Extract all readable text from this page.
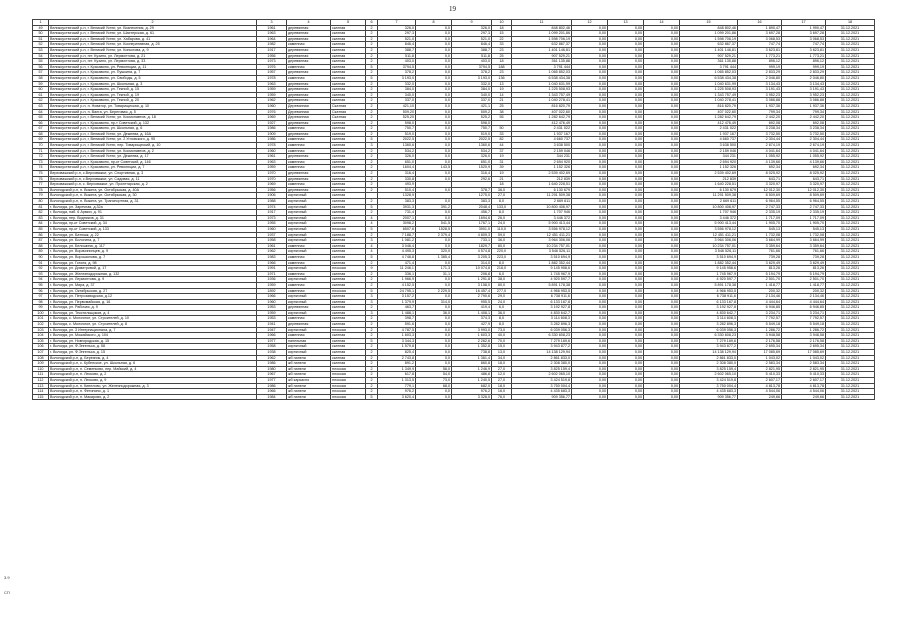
19
3.9
СП
1	2	3	4	5	6	7	8	9	10	11	12	13	14	15	16	17	18
49	Великоустюгский р-н, г. Великий Устюг, ул. Вознесения, д. 29	1961	деревянная	скатная	2	326,0	0,0	326,0	18	848 802,46	0,00	0,00	0,00	848 802,46	1 890,47	1 990,47	31.12.2021
50	Великоустюгский р-н, г. Великий Устюг, ул. Шахтерская, д. 61	1963	деревянная	скатная	2	297,3	0,0	297,3	15	1 099 201,86	0,00	0,00	0,00	1 099 201,86	3 697,28	3 697,28	31.12.2021
51	Великоустюгский р-н, г. Великий Устюг, ул. Хабарова, д. 41	1964	деревянная	скатная	2	521,0	0,0	521,0	22	1 598 706,19	0,00	0,00	0,00	1 598 706,19	3 068,53	3 068,53	31.12.2021
52	Великоустюгский р-н, г. Великий Устюг, ул. Кооперативная, д. 25	1982	каменная	скатная	2	846,4	0,0	846,4	33	632 867,37	0,00	0,00	0,00	632 867,37	747,74	747,74	31.12.2021
53	Великоустюгский р-н, г. Великий Устюг, ул. Копылова, д. 9	1917	деревянная	скатная	2	388,7	0,0	388,7	23	1 401 146,81	0,00	0,00	0,00	1 401 146,81	3 623,81	3 623,81	31.12.2021
54	Великоустюгский р-н, пгт. Кузино, ул. Лермонтова, д. 21	1956	деревянная	скатная	2	511,8	0,0	511,8	25	907 529,21	0,00	0,00	0,00	907 529,21	1 773,21	1 773,21	31.12.2021
55	Великоустюгский р-н, пгт. Кузино, ул. Лермонтова, д. 33	1973	деревянная	скатная	2	403,0	0,0	403,0	18	361 135,88	0,00	0,00	0,00	361 135,88	896,12	896,12	31.12.2021
56	Великоустюгский р-н, г. Красавино, ул. Революции, д. 11	1976	каменная	скатная	5	3794,5	0,0	3794,5	188	3 791 444	0,00	0,00	0,00	3 791 444	999,19	999,19	31.12.2021
57	Великоустюгский р-н, г. Красавино, ул. Пушкина, д. 7	1957	деревянная	скатная	2	378,2	0,0	378,2	23	1 065 852,03	0,00	0,00	0,00	1 065 852,03	2 833,29	2 833,29	31.12.2021
58	Великоустюгский р-н, г. Красавино, ул. Свободы, д. 5	1978	каменная	скатная	5	3 193,0	0,0	3 193,0	136	6 538 434,38	0,00	0,00	0,00	6 538 434,38	2 046,80	2 046,80	31.12.2021
59	Великоустюгский р-н, г. Красавино, ул. Школьная, д. 3	1963	деревянная	скатная	2	332,0	0,0	332,0	13	1 040 631,99	0,00	0,00	0,00	1 040 631,99	3 134,43	3 134,43	31.12.2021
60	Великоустюгский р-н, г. Красавино, ул. Текной, д. 15	1959	деревянная	скатная	2	384,0	0,0	384,0	19	1 225 508,93	0,00	0,00	0,00	1 225 508,93	3 191,43	3 191,43	31.12.2021
61	Великоустюгский р-н, г. Красавино, ул. Текной, д. 19	1959	деревянная	скатная	2	340,0	0,0	340,0	14	1 343 757,49	0,00	0,00	0,00	1 343 757,49	3 952,23	3 952,23	31.12.2021
62	Великоустюгский р-н, г. Красавино, ул. Текной, д. 20	1962	деревянная	скатная	2	337,0	0,0	337,0	21	1 040 278,41	0,00	0,00	0,00	1 040 278,41	3 086,88	3 086,88	31.12.2021
63	Великоустюгский р-н, п. Новатор, ул. Товарищеская, д. 10	1960	Деревянная	Скатная	2	421,10	0,0	421,1	25	816 820,79	0,00	0,00	0,00	816 820,79	1 937,36	1 937,36	31.12.2021
64	Великоустюгский р-н, п. Валга, ул. Береговая, д. 5	1976	Деревянная	Скатная	2	509,20	0,0	509,2	38	407 022,60	0,00	0,00	0,00	407 022,60	799,34	799,34	31.12.2021
65	Великоустюгский р-н, г. Великий Устюг, ул. Космонавтов, д. 18	1969	Деревянная	Скатная	2	525,20	0,0	525,2	55	1 282 642,79	0,00	0,00	0,00	1 282 642,79	2 442,20	2 442,20	31.12.2021
66	Великоустюгский р-н, г. Красавино, пр-т Советский, д. 132	1927	деревянная	скатная	2	598,0	0,0	598,0		412 476,49	0,00	0,00	0,00	412 476,49	692,08	692,08	31.12.2021
67	Великоустюгский р-н, г. Красавино, ул. Школьная, д. 6	1986	каменная	скатная	2	750,7	0,0	750,7	50	2 431 022	0,00	0,00	0,00	2 431 022	3 238,34	3 238,34	31.12.2021
68	Великоустюгский р-н, г. Великий Устюг, ул. Дежнева, д. 16А	1909	деревянная	скатная	2	519,0	0,0	519,0	33	1 937 167	0,00	0,00	0,00	1 937 167	3 732,50	3 732,50	31.12.2021
69	Великоустюгский р-н, г. Великий Устюг, ул. 2 Угловского, д. 95	1986	каменная	скатная	5	2022,5	0,0	2022,5	82	4 660 737	0,00	0,00	0,00	4 660 737	2 304,44	2 304,44	31.12.2021
70	Великоустюгский р-н, г. Великий Устюг, пер. Товарищеский, д. 10	1978	каменная	скатная	3	1360,6	0,0	1360,6	44	3 638 500	0,00	0,00	0,00	3 638 500	2 674,19	2 674,19	31.12.2021
71	Великоустюгский р-н, г. Великий Устюг, ул. Космонавтов, д. 2	1960	каменная	скатная	2	534,2	0,0	534,2	37	2 159 046	0,00	0,00	0,00	2 159 046	4 041,64	4 041,64	31.12.2021
72	Великоустюгский р-н, г. Великий Устюг, ул. Дежнева, д. 17	1961	деревянная	скатная	2	326,0	0,0	326,0	19	344 231	0,00	0,00	0,00	344 231	1 055,92	1 055,92	31.12.2021
73	Великоустюгский р-н, г. Красавино, пр-кт Советский, д. 146	1963	каменная	скатная	2	651,0	0,0	651,0	31	2 694 920	0,00	0,00	0,00	2 694 920	4 139,66	4 139,66	31.12.2021
74	Великоустюгский р-н, г. Красавино, ул. Революции, д. 7	1959	каменная	скатная	2	1604,4	143,5	1520,9	39	1 152 326	0,00	0,00	0,00	1 152 326	692,34	692,34	31.12.2021
75	Верховажский р-н, с.Верховажье, ул. Спортивная, д. 3	1970	деревянная	скатная	2	316,4	0,0	316,4	19	2 539 402,69	0,00	0,00	0,00	2 539 402,69	8 025,92	8 025,92	31.12.2021
76	Верховажский р-н, с.Верховажье, ул. Садовая, д. 11	1970	деревянная	скатная	2	330,8	0,0	292,6	21	212 839	0,00	0,00	0,00	212 839	643,71	643,71	31.12.2021
77	Верховажский р-н, с. Верховажье, ул. Пролетарская, д. 2	1969	каменная	скатная	2	493,9			18	1 640 228,51	0,00	0,00	0,00	1 640 228,51	3 320,97	3 320,97	31.12.2021
78	Вологодский р-н, п. Вожега, ул. Октябрьская, д. 40А	1956	деревянная	скатная	2	510,4	0,0	378,7	36,0	6 130 679	0,00	0,00	0,00	6 130 679	12 012,30	12 012,30	31.12.2021
79	Вологодский р-н, п. Вожега, ул. Октябрьская, д. 30	1906	кирпичный	скатная		1328,9		1275,0	27,0	11 291 509,38	0,00	0,00	0,00	11 291 509,38	8 509,69	8 509,69	31.12.2021
80	Вологодский р-н, п. Вожега, ул. Транспортная, д. 31	1988	кирпичный	скатная	2	383,3	0,0	383,3	8,0	2 669 611	0,00	0,00	0,00	2 669 611	6 964,55	6 964,55	31.12.2021
81	г. Вологда, ул. Заречная, д.32а	1974	кирпичный	скатная	5	3931,3	391,2	2048,4	133,0	10 800 408,97	0,00	0,00	0,00	10 800 408,97	2 747,33	2 747,33	31.12.2021
82	г. Вологда, наб. 6 Армии, д. 91	1917	кирпичный	скатная	2	731,4	0,0	456,7	8,0	1 707 946	0,00	0,00	0,00	1 707 946	2 335,19	2 335,19	31.12.2021
83	г. Вологда, пер. Водников, д. 31	1973	кирпичный	скатная	4	2007,1	0,0	1694,6	26,0	3 446 372	0,00	0,00	0,00	3 446 372	1 717,09	1 717,09	31.12.2021
84	г. Вологда, пр-кт Советский, д. 34	1955	кирпичный	скатная	4	3098,2	541,5	1767,1	24,0	5 900 413,44	0,00	0,00	0,00	5 900 413,44	1 905,70	1 905,70	31.12.2021
85	г. Вологда, пр-кт Советский, д. 133	1960	кирпичный	плоская	5	6507,6	1528,5	3901,0	110,0	3 556 978,12	0,00	0,00	0,00	3 556 978,12	545,13	545,13	31.12.2021
86	г. Вологда, ул. Батюшк, д. 22	1937	кирпичный	скатная	2	7 188,7	2 379,4	4 809,3	59,0	12 451 411,21	0,00	0,00	0,00	12 451 411,21	1 732,08	1 732,08	31.12.2021
87	г. Вологда, ул. Бологина, д. 7	1958	кирпичный	скатная	3	1 081,2	0,0	733,1	36,0	3 964 306,06	0,00	0,00	0,00	3 964 306,06	3 664,99	3 664,99	31.12.2021
88	г. Вологда, ул. Белошина, д. 117	1961	каменная	скатная	4	3 046,4	0,0	1829,7	80,0	10 234 757,01	0,00	0,00	0,00	10 234 757,01	3 359,64	3 359,64	31.12.2021
89	г. Вологда, ул. Ворачининцев, д. 9	1962	кирпичный	скатная	4	4 495,3	320,0	4 574,8	220,0	3 546 526,11	0,00	0,00	0,00	3 546 526,11	761,66	761,66	31.12.2021
90	г. Вологда, ул. Ворошилова, д. 7	1983	каменная	скатная	5	4 748,8	1 385,4	3 205,3	223,0	3 510 694,9	0,00	0,00	0,00	3 510 694,9	739,28	739,28	31.12.2021
91	г. Вологда, ул. Гоголя, д. 98	1966	каменная	скатная	2	471,4	0,0	314,0	8,0	1 882 352,44	0,00	0,00	0,00	1 882 352,44	3 629,49	3 629,49	31.12.2021
92	г. Вологда, ул. Димитровой, д. 17	1991	кирпичный	плоская	9	11 246,1	171,3	10 074,8	216,0	9 145 958,6	0,00	0,00	0,00	9 145 958,6	813,26	813,26	31.12.2021
93	г. Вологда, ул. Железнодорожная, д. 132	1971	каменная	скатная	2	336,1	31,1	206,8	6,0	1 745 967,9	0,00	0,00	0,00	1 745 967,9	5 194,79	5 194,79	31.12.2021
94	г. Вологда, ул. Лермонтова, д. 9	1936	кирпичный	скатная	2	1 966,9	0,0	1 291,8	38,0	4 920 597,7	0,00	0,00	0,00	4 920 597,7	2 501,70	2 501,70	31.12.2021
95	г. Вологда, ул. Мира, д. 37	1959	каменная	скатная	2	4 152,5	0,0	3 158,0	80,0	5 891 178,38	0,00	0,00	0,00	5 891 178,38	1 418,77	1 418,77	31.12.2021
96	г. Вологда, ул. Октябрьская, д. 27	1892	каменная	плоская	5	24 795,1	2 229,5	16 457,4	277,0	4 966 953,5	0,00	0,00	0,00	4 966 953,5	200,32	200,32	31.12.2021
97	г. Вологда, ул. Петрозаводская, д.12	1966	кирпичный	скатная	3	3 157,2	0,0	2 790,6	29,0	6 738 911,6	0,00	0,00	0,00	6 738 911,6	2 134,46	2 134,46	31.12.2021
98	г. Вологда, ул. Первомайская, д. 16	1960	кирпичный	скатная	3	1 379,9	314,0	955,5	24,0	6 133 167,8	0,00	0,00	0,00	6 133 167,8	4 444,64	4 444,64	31.12.2021
99	г. Вологда, ул. Рабочая, д. 9	1953	деревянная	скатная	2	463,7	0,0	419,4	6,0	3 192 927,8	0,00	0,00	0,00	3 192 927,8	6 946,85	6 946,85	31.12.2021
100	г. Вологда, ул. Текстильщиков, д. 4	1959	кирпичный	скатная	3	1 488,1	36,0	1 408,1	36,0	4 830 642,7	0,00	0,00	0,00	4 830 642,7	3 234,71	3 234,71	31.12.2021
101	г. Вологда, с. Молочное, ул. Строителей, д. 10	1953	каменная	скатная	2	398,7	0,0	374,3	8,0	3 114 608,3	0,00	0,00	0,00	3 114 608,3	7 792,57	7 792,57	31.12.2021
102	г. Вологда, с. Молочное, ул. Строителей, д. 8	1941	деревянная	скатная	2	591,6	0,0	427,9	8,0	3 282 896,3	0,00	0,00	0,00	3 282 896,3	5 549,18	5 549,18	31.12.2021
103	г. Вологда, ул. 3 Интернационала, д. 7	1947	кирпичный	плоская	2	4 787,5	0,0	3 993,0	73,0	6 039 056,3	0,00	0,00	0,00	6 039 056,3	1 286,72	1 286,72	31.12.2021
104	г. Вологда, ул. Можайского, д. 104	1966	каменная	скатная	2	1 603,3	0,0	1 603,3	40,0	6 330 608,23	0,00	0,00	0,00	6 330 608,23	3 948,58	3 948,58	31.12.2021
105	г. Вологда, ул. Новгородская, д. 15	1977	панельная	скатная	5	3 344,3	0,0	2 262,6	70,0	7 279 169,6	0,00	0,00	0,00	7 279 169,6	2 176,58	2 176,58	31.12.2021
106	г. Вологда, ул. Ф.Энгельса, д. 58	1958	кирпичный	скатная	2	1 579,8	0,0	1 352,8	15,0	3 943 877,2	0,00	0,00	0,00	3 943 877,2	2 695,34	2 695,34	31.12.2021
107	г. Вологда, ул. Ф.Энгельса, д. 15	1938	кирпичный	скатная	2	825,4	0,0	738,8	13,0	14 138 129,94	0,00	0,00	0,00	14 138 129,94	17 085,69	17 085,69	31.12.2021
108	Вологодский р-н, д. Березник, д. 4	1962	жб панели	скатная	2	2 743,8	0,0	1 361,4	34,0	2 861 833,0	0,00	0,00	0,00	2 861 833,0	1 043,02	1 043,02	31.12.2021
109	Вологодский р-н, с. Кубенское, ул. Школьная, д. 6	1986	жб панели	скатная	2	891,2	0,0	860,8	18,0	2 308 380,0	0,00	0,00	0,00	2 308 380,0	2 583,34	2 583,34	31.12.2021
110	Вологодский р-н, п. Семенково, пер. Майский, д. 4	1980	жб панели	плоская	2	1 349,9	58,0	1 246,9	27,0	3 825 159,4	0,00	0,00	0,00	3 825 159,4	2 821,95	2 821,95	31.12.2021
111	Вологодский р-н, п. Лесково, д. 2	1967	жб панели	плоская	2	617,8	54,0	486,6	12,0	2 602 065,10	0,00	0,00	0,00	2 602 065,10	5 410,33	5 410,33	31.12.2021
112	Вологодский р-н, п. Лесково, д. 9	1977	жб каркасно	плоская	2	1 313,5	73,0	1 240,5	27,0	3 424 519,8	0,00	0,00	0,00	3 424 519,8	2 607,17	2 607,17	31.12.2021
113	Вологодский р-н, п. Кипелово, ул. Железнодорожная, д. 3	1986	жб панели	плоская	2	779,1	68,0	682,0	18,0	3 750 004,4	0,00	0,00	0,00	3 750 004,4	4 813,78	4 813,78	31.12.2021
114	Вологодский р-н, п. Фетинино, д. 1	1966	жб панели	плоская	2	976,2	0,0	976,2	16,0	4 435 683,3	0,00	0,00	0,00	4 435 683,3	4 544,06	4 544,06	31.12.2021
115	Вологодский р-н, п. Макарово, д. 2	1984	жб панели	плоская	5	3 620,4	0,0	3 328,0	76,0	909 356,77	0,00	0,00	0,00	909 356,77	249,66	249,66	31.12.2021
